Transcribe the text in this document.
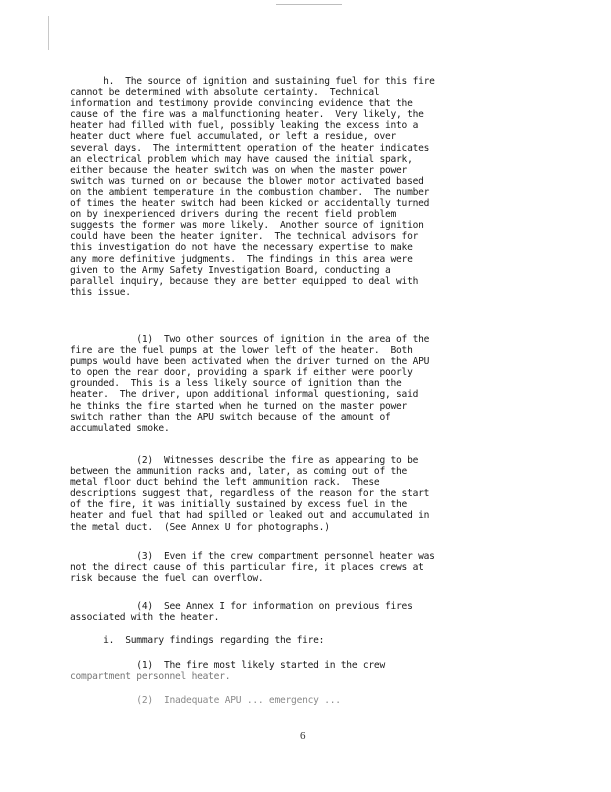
h.  The source of ignition and sustaining fuel for this fire
cannot be determined with absolute certainty.  Technical
information and testimony provide convincing evidence that the
cause of the fire was a malfunctioning heater.  Very likely, the
heater had filled with fuel, possibly leaking the excess into a
heater duct where fuel accumulated, or left a residue, over
several days.  The intermittent operation of the heater indicates
an electrical problem which may have caused the initial spark,
either because the heater switch was on when the master power
switch was turned on or because the blower motor activated based
on the ambient temperature in the combustion chamber.  The number
of times the heater switch had been kicked or accidentally turned
on by inexperienced drivers during the recent field problem
suggests the former was more likely.  Another source of ignition
could have been the heater igniter.  The technical advisors for
this investigation do not have the necessary expertise to make
any more definitive judgments.  The findings in this area were
given to the Army Safety Investigation Board, conducting a
parallel inquiry, because they are better equipped to deal with
this issue.

(1)  Two other sources of ignition in the area of the
fire are the fuel pumps at the lower left of the heater.  Both
pumps would have been activated when the driver turned on the APU
to open the rear door, providing a spark if either were poorly
grounded.  This is a less likely source of ignition than the
heater.  The driver, upon additional informal questioning, said
he thinks the fire started when he turned on the master power
switch rather than the APU switch because of the amount of
accumulated smoke.

(2)  Witnesses describe the fire as appearing to be
between the ammunition racks and, later, as coming out of the
metal floor duct behind the left ammunition rack.  These
descriptions suggest that, regardless of the reason for the start
of the fire, it was initially sustained by excess fuel in the
heater and fuel that had spilled or leaked out and accumulated in
the metal duct.  (See Annex U for photographs.)

(3)  Even if the crew compartment personnel heater was
not the direct cause of this particular fire, it places crews at
risk because the fuel can overflow.

(4)  See Annex I for information on previous fires
associated with the heater.

i.  Summary findings regarding the fire:

(1)  The fire most likely started in the crew
compartment personnel heater.

(2)  Inadequate APU ... emergency ...

6
